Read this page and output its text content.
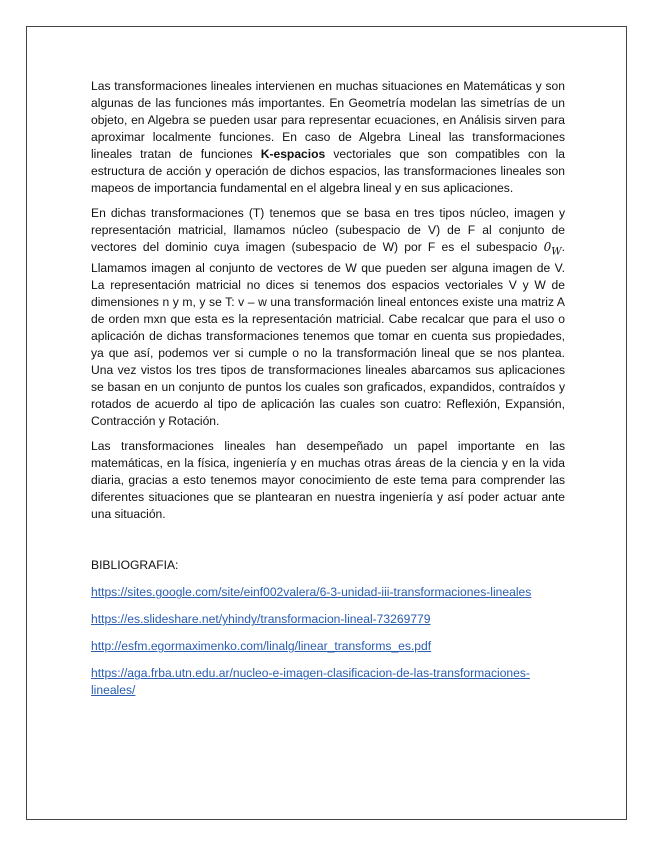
Las transformaciones lineales intervienen en muchas situaciones en Matemáticas y son algunas de las funciones más importantes. En Geometría modelan las simetrías de un objeto, en Algebra se pueden usar para representar ecuaciones, en Análisis sirven para aproximar localmente funciones. En caso de Algebra Lineal las transformaciones lineales tratan de funciones K-espacios vectoriales que son compatibles con la estructura de acción y operación de dichos espacios, las transformaciones lineales son mapeos de importancia fundamental en el algebra lineal y en sus aplicaciones.

En dichas transformaciones (T) tenemos que se basa en tres tipos núcleo, imagen y representación matricial, llamamos núcleo (subespacio de V) de F al conjunto de vectores del dominio cuya imagen (subespacio de W) por F es el subespacio $0_W$. Llamamos imagen al conjunto de vectores de W que pueden ser alguna imagen de V. La representación matricial no dices si tenemos dos espacios vectoriales V y W de dimensiones n y m, y se T: v – w una transformación lineal entonces existe una matriz A de orden mxn que esta es la representación matricial. Cabe recalcar que para el uso o aplicación de dichas transformaciones tenemos que tomar en cuenta sus propiedades, ya que así, podemos ver si cumple o no la transformación lineal que se nos plantea. Una vez vistos los tres tipos de transformaciones lineales abarcamos sus aplicaciones se basan en un conjunto de puntos los cuales son graficados, expandidos, contraídos y rotados de acuerdo al tipo de aplicación las cuales son cuatro: Reflexión, Expansión, Contracción y Rotación.

Las transformaciones lineales han desempeñado un papel importante en las matemáticas, en la física, ingeniería y en muchas otras áreas de la ciencia y en la vida diaria, gracias a esto tenemos mayor conocimiento de este tema para comprender las diferentes situaciones que se plantearan en nuestra ingeniería y así poder actuar ante una situación.

BIBLIOGRAFIA:
https://sites.google.com/site/einf002valera/6-3-unidad-iii-transformaciones-lineales
https://es.slideshare.net/yhindy/transformacion-lineal-73269779
http://esfm.egormaximenko.com/linalg/linear_transforms_es.pdf
https://aga.frba.utn.edu.ar/nucleo-e-imagen-clasificacion-de-las-transformaciones-lineales/
